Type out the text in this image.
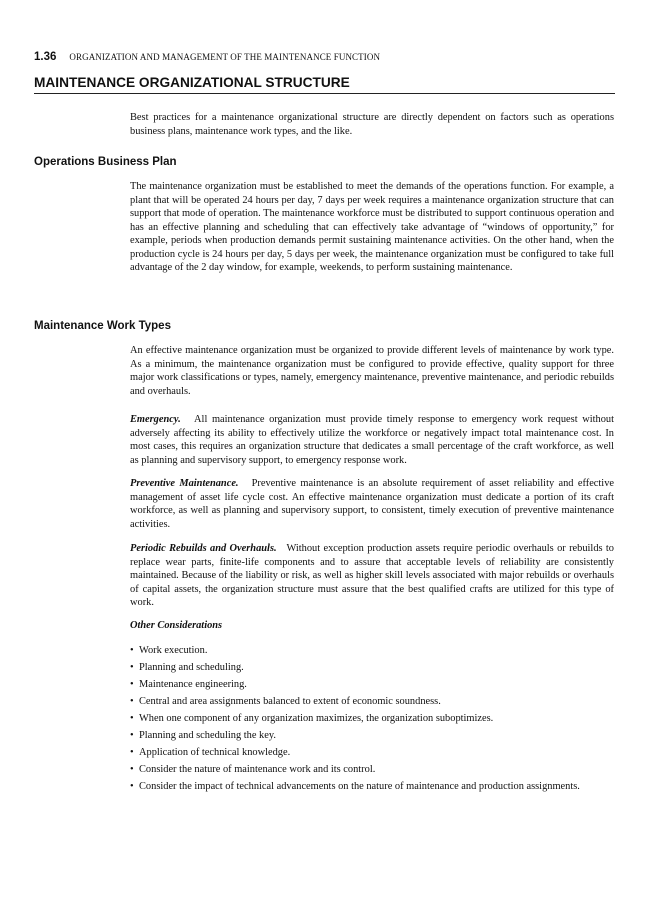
1.36 ORGANIZATION AND MANAGEMENT OF THE MAINTENANCE FUNCTION
MAINTENANCE ORGANIZATIONAL STRUCTURE

Best practices for a maintenance organizational structure are directly dependent on factors such as operations business plans, maintenance work types, and the like.

Operations Business Plan

The maintenance organization must be established to meet the demands of the operations function. For example, a plant that will be operated 24 hours per day, 7 days per week requires a maintenance organization structure that can support that mode of operation. The maintenance workforce must be distributed to support continuous operation and has an effective planning and scheduling that can effectively take advantage of “windows of opportunity,” for example, periods when production demands permit sustaining maintenance activities. On the other hand, when the production cycle is 24 hours per day, 5 days per week, the maintenance organization must be configured to take full advantage of the 2 day window, for example, weekends, to perform sustaining maintenance.

Maintenance Work Types

An effective maintenance organization must be organized to provide different levels of maintenance by work type. As a minimum, the maintenance organization must be configured to provide effective, quality support for three major work classifications or types, namely, emergency maintenance, preventive maintenance, and periodic rebuilds and overhauls.

Emergency. All maintenance organization must provide timely response to emergency work request without adversely affecting its ability to effectively utilize the workforce or negatively impact total maintenance cost. In most cases, this requires an organization structure that dedicates a small percentage of the craft workforce, as well as planning and supervisory support, to emergency response work.

Preventive Maintenance. Preventive maintenance is an absolute requirement of asset reliability and effective management of asset life cycle cost. An effective maintenance organization must dedicate a portion of its craft workforce, as well as planning and supervisory support, to consistent, timely execution of preventive maintenance activities.

Periodic Rebuilds and Overhauls. Without exception production assets require periodic overhauls or rebuilds to replace wear parts, finite-life components and to assure that acceptable levels of reliability are consistently maintained. Because of the liability or risk, as well as higher skill levels associated with major rebuilds or overhauls of capital assets, the organization structure must assure that the best qualified crafts are utilized for this type of work.

Other Considerations
• Work execution.
• Planning and scheduling.
• Maintenance engineering.
• Central and area assignments balanced to extent of economic soundness.
• When one component of any organization maximizes, the organization suboptimizes.
• Planning and scheduling the key.
• Application of technical knowledge.
• Consider the nature of maintenance work and its control.
• Consider the impact of technical advancements on the nature of maintenance and production assignments.
